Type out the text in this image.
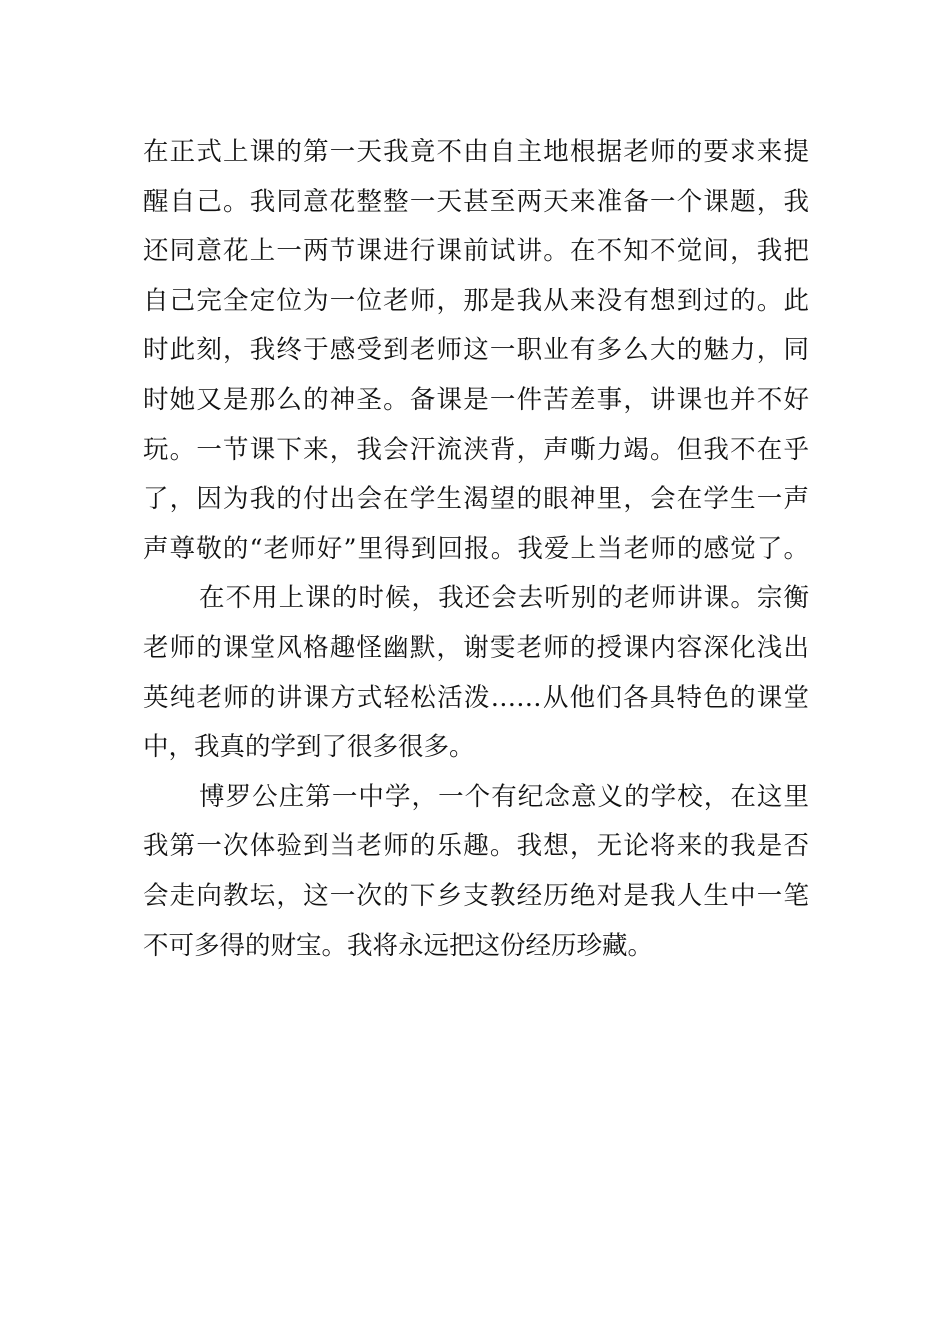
在正式上课的第一天我竟不由自主地根据老师的要求来提
醒自己。我同意花整整一天甚至两天来准备一个课题，我
还同意花上一两节课进行课前试讲。在不知不觉间，我把
自己完全定位为一位老师，那是我从来没有想到过的。此
时此刻，我终于感受到老师这一职业有多么大的魅力，同
时她又是那么的神圣。备课是一件苦差事，讲课也并不好
玩。一节课下来，我会汗流浃背，声嘶力竭。但我不在乎
了，因为我的付出会在学生渴望的眼神里，会在学生一声
声尊敬的“老师好”里得到回报。我爱上当老师的感觉了。
在不用上课的时候，我还会去听别的老师讲课。宗衡
老师的课堂风格趣怪幽默，谢雯老师的授课内容深化浅出
英纯老师的讲课方式轻松活泼……从他们各具特色的课堂
中，我真的学到了很多很多。
博罗公庄第一中学，一个有纪念意义的学校，在这里
我第一次体验到当老师的乐趣。我想，无论将来的我是否
会走向教坛，这一次的下乡支教经历绝对是我人生中一笔
不可多得的财宝。我将永远把这份经历珍藏。
